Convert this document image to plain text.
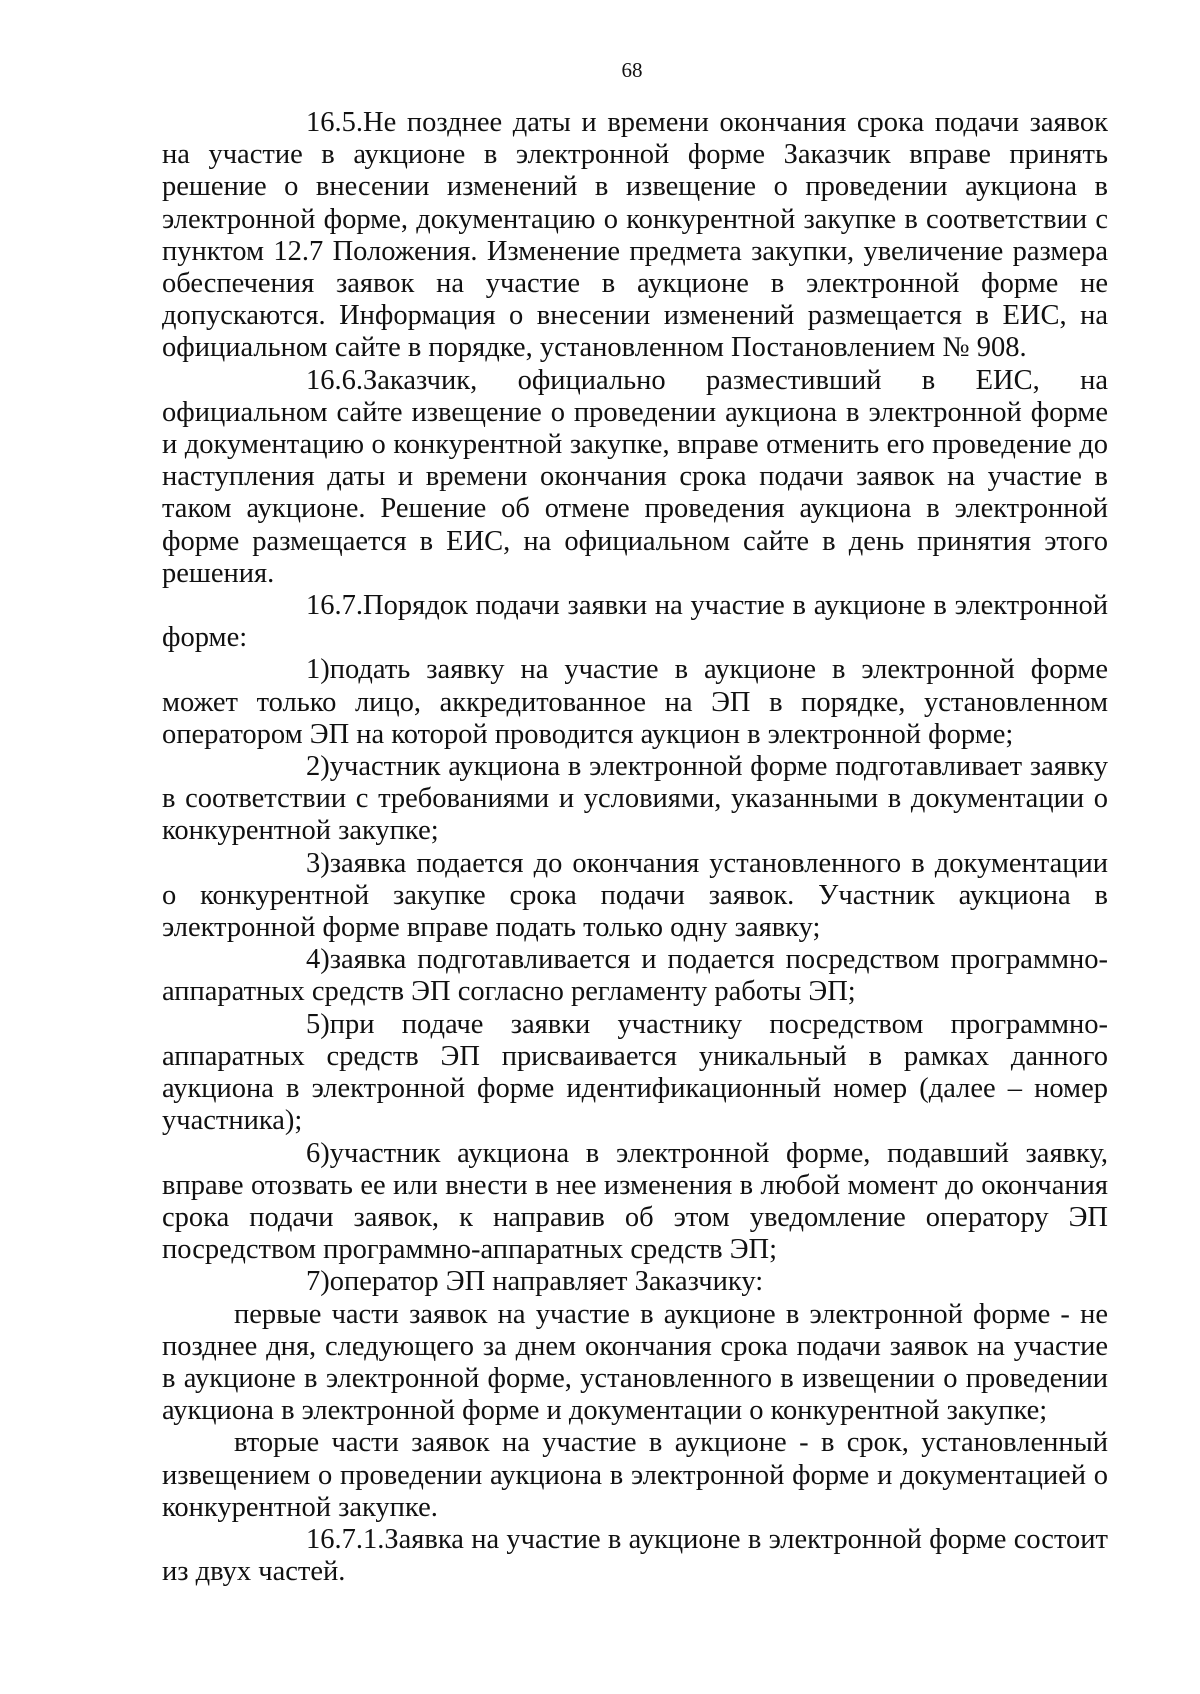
68

16.5.Не позднее даты и времени окончания срока подачи заявок на участие в аукционе в электронной форме Заказчик вправе принять решение о внесении изменений в извещение о проведении аукциона в электронной форме, документацию о конкурентной закупке в соответствии с пунктом 12.7 Положения. Изменение предмета закупки, увеличение размера обеспечения заявок на участие в аукционе в электронной форме не допускаются. Информация о внесении изменений размещается в ЕИС, на официальном сайте в порядке, установленном Постановлением № 908.

16.6.Заказчик, официально разместивший в ЕИС, на официальном сайте извещение о проведении аукциона в электронной форме и документацию о конкурентной закупке, вправе отменить его проведение до наступления даты и времени окончания срока подачи заявок на участие в таком аукционе. Решение об отмене проведения аукциона в электронной форме размещается в ЕИС, на официальном сайте в день принятия этого решения.

16.7.Порядок подачи заявки на участие в аукционе в электронной форме:

1)подать заявку на участие в аукционе в электронной форме может только лицо, аккредитованное на ЭП в порядке, установленном оператором ЭП на которой проводится аукцион в электронной форме;

2)участник аукциона в электронной форме подготавливает заявку в соответствии с требованиями и условиями, указанными в документации о конкурентной закупке;

3)заявка подается до окончания установленного в документации о конкурентной закупке срока подачи заявок. Участник аукциона в электронной форме вправе подать только одну заявку;

4)заявка подготавливается и подается посредством программно-аппаратных средств ЭП согласно регламенту работы ЭП;

5)при подаче заявки участнику посредством программно-аппаратных средств ЭП присваивается уникальный в рамках данного аукциона в электронной форме идентификационный номер (далее – номер участника);

6)участник аукциона в электронной форме, подавший заявку, вправе отозвать ее или внести в нее изменения в любой момент до окончания срока подачи заявок, к направив об этом уведомление оператору ЭП посредством программно-аппаратных средств ЭП;

7)оператор ЭП направляет Заказчику:

первые части заявок на участие в аукционе в электронной форме - не позднее дня, следующего за днем окончания срока подачи заявок на участие в аукционе в электронной форме, установленного в извещении о проведении аукциона в электронной форме и документации о конкурентной закупке;

вторые части заявок на участие в аукционе - в срок, установленный извещением о проведении аукциона в электронной форме и документацией о конкурентной закупке.

16.7.1.Заявка на участие в аукционе в электронной форме состоит из двух частей.
